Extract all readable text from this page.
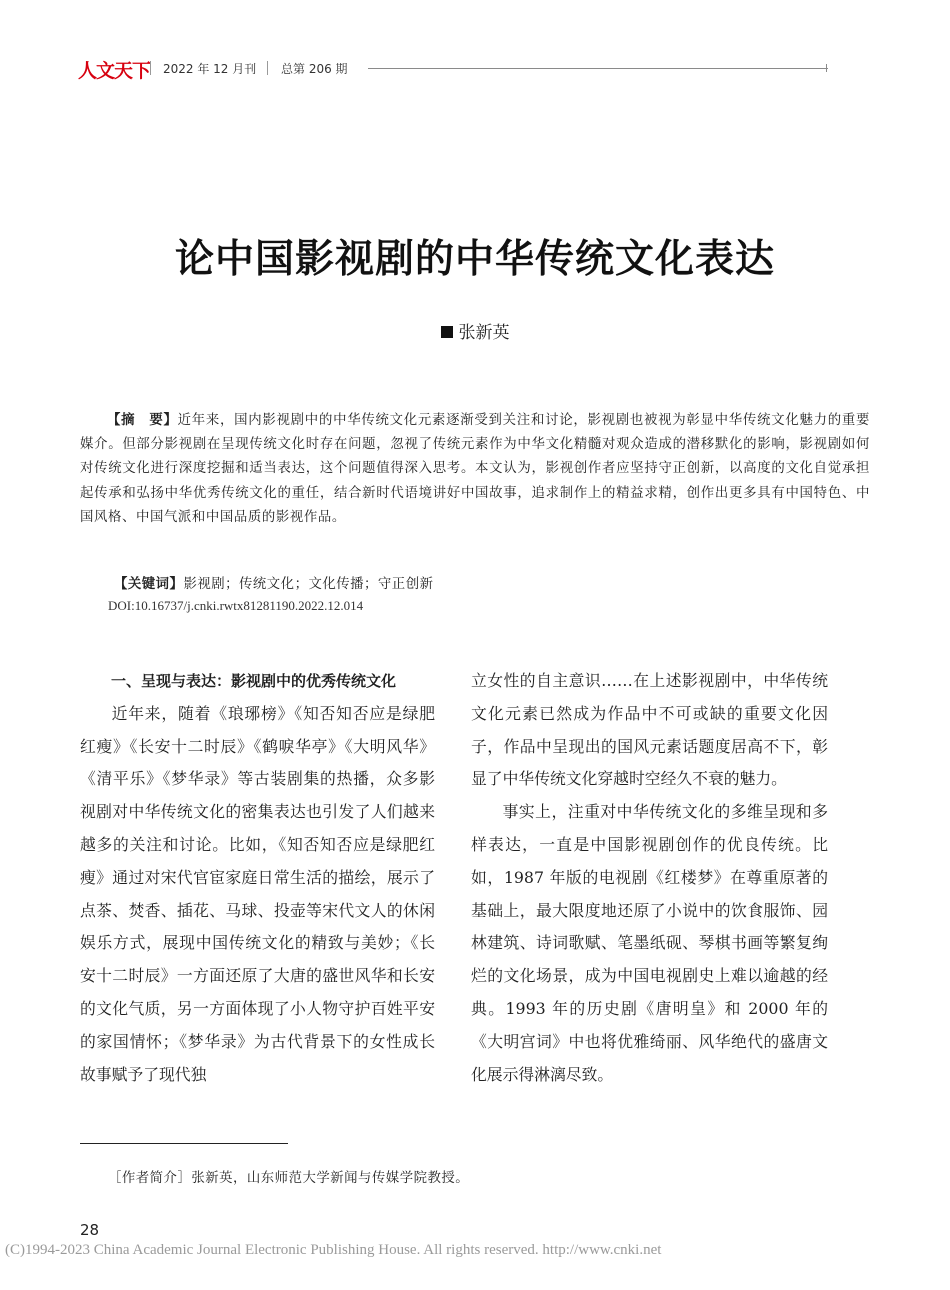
人文天下 2022 年 12 月刊 总第 206 期
论中国影视剧的中华传统文化表达
张新英
【摘　要】近年来，国内影视剧中的中华传统文化元素逐渐受到关注和讨论，影视剧也被视为彰显中华传统文化魅力的重要媒介。但部分影视剧在呈现传统文化时存在问题，忽视了传统元素作为中华文化精髓对观众造成的潜移默化的影响，影视剧如何对传统文化进行深度挖掘和适当表达，这个问题值得深入思考。本文认为，影视创作者应坚持守正创新，以高度的文化自觉承担起传承和弘扬中华优秀传统文化的重任，结合新时代语境讲好中国故事，追求制作上的精益求精，创作出更多具有中国特色、中国风格、中国气派和中国品质的影视作品。
【关键词】影视剧；传统文化；文化传播；守正创新
DOI:10.16737/j.cnki.rwtx81281190.2022.12.014

一、呈现与表达：影视剧中的优秀传统文化

近年来，随着《琅琊榜》《知否知否应是绿肥红瘦》《长安十二时辰》《鹤唳华亭》《大明风华》《清平乐》《梦华录》等古装剧集的热播，众多影视剧对中华传统文化的密集表达也引发了人们越来越多的关注和讨论。比如，《知否知否应是绿肥红瘦》通过对宋代官宦家庭日常生活的描绘，展示了点茶、焚香、插花、马球、投壶等宋代文人的休闲娱乐方式，展现中国传统文化的精致与美妙；《长安十二时辰》一方面还原了大唐的盛世风华和长安的文化气质，另一方面体现了小人物守护百姓平安的家国情怀；《梦华录》为古代背景下的女性成长故事赋予了现代独

立女性的自主意识……在上述影视剧中，中华传统文化元素已然成为作品中不可或缺的重要文化因子，作品中呈现出的国风元素话题度居高不下，彰显了中华传统文化穿越时空经久不衰的魅力。

事实上，注重对中华传统文化的多维呈现和多样表达，一直是中国影视剧创作的优良传统。比如，1987 年版的电视剧《红楼梦》在尊重原著的基础上，最大限度地还原了小说中的饮食服饰、园林建筑、诗词歌赋、笔墨纸砚、琴棋书画等繁复绚烂的文化场景，成为中国电视剧史上难以逾越的经典。1993 年的历史剧《唐明皇》和 2000 年的《大明宫词》中也将优雅绮丽、风华绝代的盛唐文化展示得淋漓尽致。

［作者简介］张新英，山东师范大学新闻与传媒学院教授。
28
(C)1994-2023 China Academic Journal Electronic Publishing House. All rights reserved. http://www.cnki.net
